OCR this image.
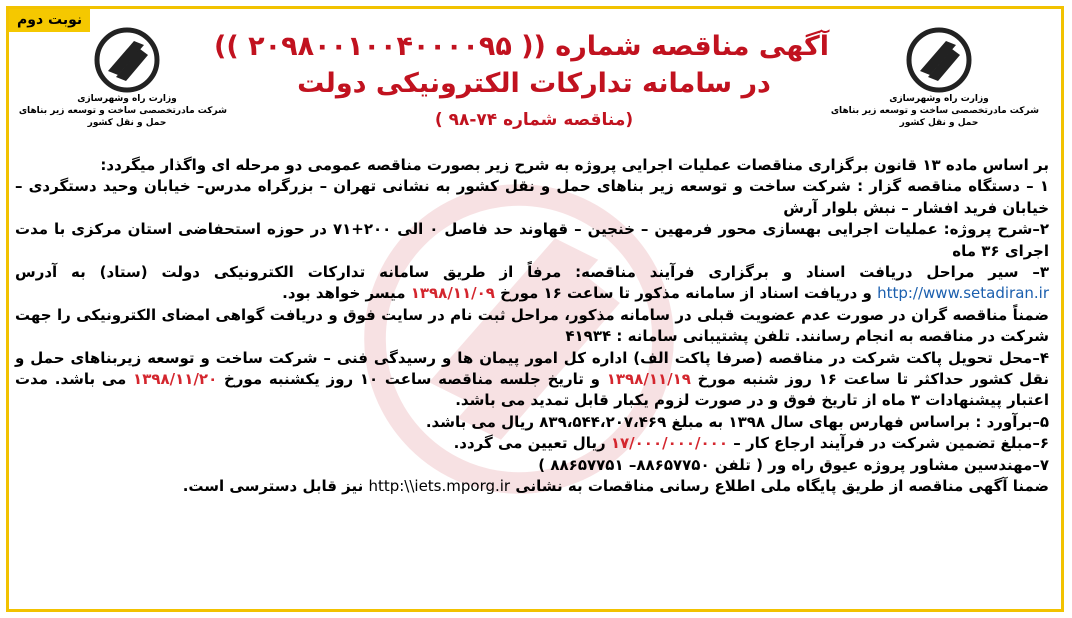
نوبت دوم
وزارت راه وشهرسازی
شرکت مادرتخصصی ساخت و توسعه زیر بناهای
حمل و نقل کشور
وزارت راه وشهرسازی
شرکت مادرتخصصی ساخت و توسعه زیر بناهای
حمل و نقل کشور
آگهی مناقصه شماره (( ۲۰۹۸۰۰۱۰۰۴۰۰۰۰۹۵ ))
در سامانه تدارکات الکترونیکی دولت
(مناقصه شماره ۷۴-۹۸ )

بر اساس ماده ۱۳ قانون برگزاری مناقصات عملیات اجرایی پروژه به شرح زیر بصورت مناقصه عمومی دو مرحله ای واگذار میگردد:

۱ – دستگاه مناقصه گزار : شرکت ساخت و توسعه زیر بناهای حمل و نقل کشور به نشانی تهران – بزرگراه مدرس– خیابان وحید دستگردی – خیابان فرید افشار – نبش بلوار آرش

۲–شرح پروژه: عملیات اجرایی بهسازی محور فرمهین – خنجین – قهاوند حد فاصل ۰ الی ۲۰۰+۷۱ در حوزه استحفاضی استان مرکزی با مدت اجرای ۳۶ ماه

۳– سیر مراحل دریافت اسناد و برگزاری فرآیند مناقصه: مرفاً از طریق سامانه تدارکات الکترونیکی دولت (ستاد) به آدرس http://www.setadiran.ir و دریافت اسناد از سامانه مذکور تا ساعت ۱۶ مورخ ۱۳۹۸/۱۱/۰۹ میسر خواهد بود.

ضمناً مناقصه گران در صورت عدم عضویت قبلی در سامانه مذکور، مراحل ثبت نام در سایت فوق و دریافت گواهی امضای الکترونیکی را جهت شرکت در مناقصه به انجام رسانند. تلفن پشتیبانی سامانه : ۴۱۹۳۴

۴–محل تحویل پاکت شرکت در مناقصه (صرفا پاکت الف) اداره کل امور پیمان ها و رسیدگی فنی – شرکت ساخت و توسعه زیربناهای حمل و نقل کشور حداکثر تا ساعت ۱۶ روز شنبه مورخ ۱۳۹۸/۱۱/۱۹ و تاریخ جلسه مناقصه ساعت ۱۰ روز یکشنبه مورخ ۱۳۹۸/۱۱/۲۰ می باشد. مدت اعتبار پیشنهادات ۳ ماه از تاریخ فوق و در صورت لزوم یکبار قابل تمدید می باشد.

۵–برآورد : براساس فهارس بهای سال ۱۳۹۸ به مبلغ ۸۳۹،۵۴۴،۲۰۷،۴۶۹ ریال می باشد.

۶–مبلغ تضمین شرکت در فرآیند ارجاع کار – ۱۷/۰۰۰/۰۰۰/۰۰۰ ریال تعیین می گردد.

۷–مهندسین مشاور پروژه عیوق راه ور ( تلفن ۸۸۶۵۷۷۵۰– ۸۸۶۵۷۷۵۱ )

ضمنا آگهی مناقصه از طریق پایگاه ملی اطلاع رسانی مناقصات به نشانی http:\\iets.mporg.ir نیز قابل دسترسی است.
